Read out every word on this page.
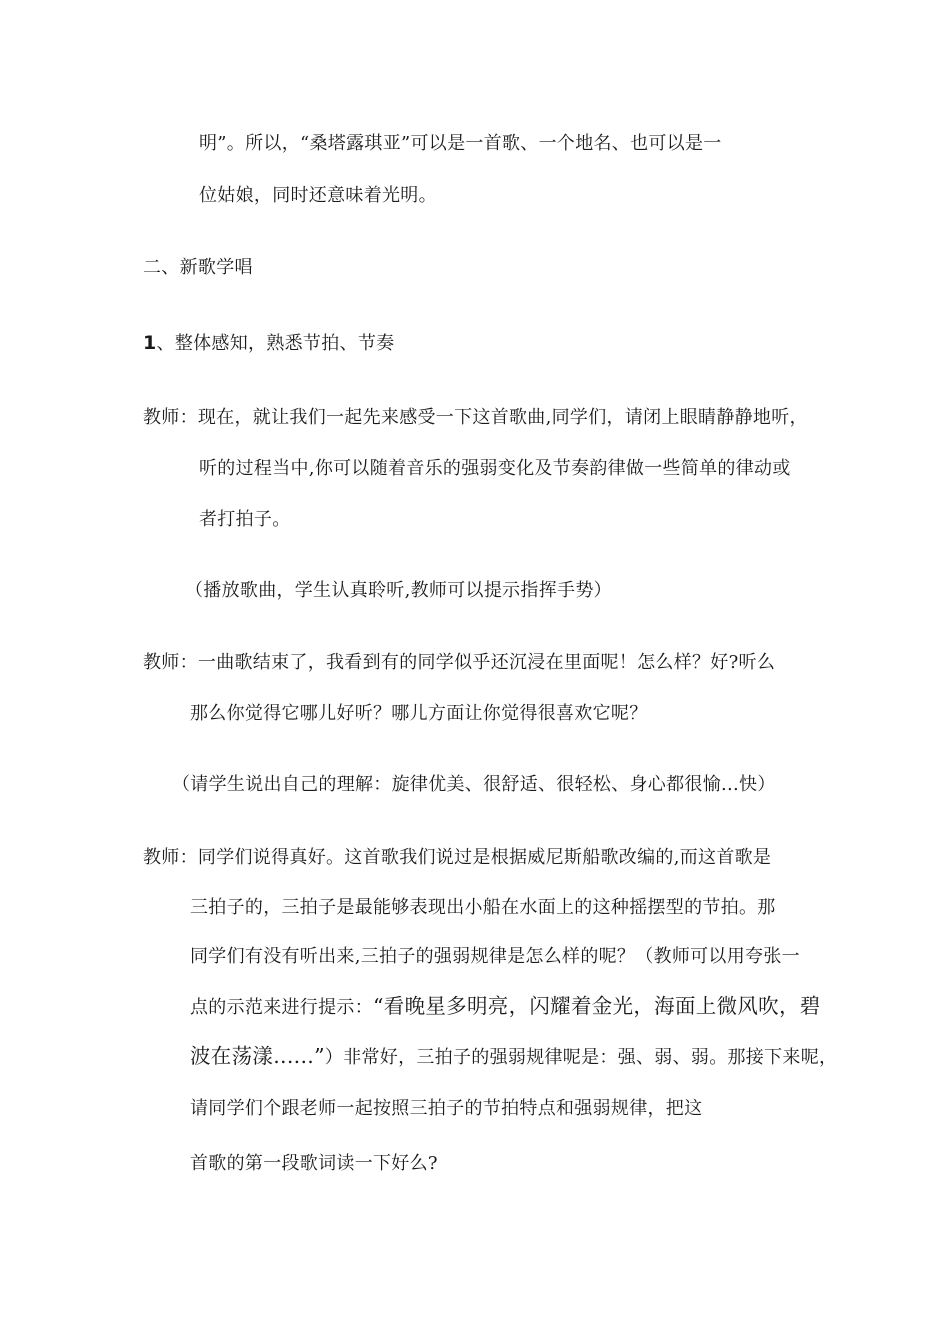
明”。所以，“桑塔露琪亚”可以是一首歌、一个地名、也可以是一
位姑娘，同时还意味着光明。
二、新歌学唱
1、整体感知，熟悉节拍、节奏
教师：现在，就让我们一起先来感受一下这首歌曲,同学们，请闭上眼睛静静地听，
听的过程当中,你可以随着音乐的强弱变化及节奏韵律做一些简单的律动或
者打拍子。
（播放歌曲，学生认真聆听,教师可以提示指挥手势）
教师：一曲歌结束了，我看到有的同学似乎还沉浸在里面呢！怎么样？好?听么
那么你觉得它哪儿好听？哪儿方面让你觉得很喜欢它呢？
（请学生说出自己的理解：旋律优美、很舒适、很轻松、身心都很愉...快）
教师：同学们说得真好。这首歌我们说过是根据威尼斯船歌改编的,而这首歌是
三拍子的，三拍子是最能够表现出小船在水面上的这种摇摆型的节拍。那
同学们有没有听出来,三拍子的强弱规律是怎么样的呢？（教师可以用夸张一
点的示范来进行提示：“看晚星多明亮，闪耀着金光，海面上微风吹，碧
波在荡漾......”）非常好，三拍子的强弱规律呢是：强、弱、弱。那接下来呢，
请同学们个跟老师一起按照三拍子的节拍特点和强弱规律，把这
首歌的第一段歌词读一下好么?
